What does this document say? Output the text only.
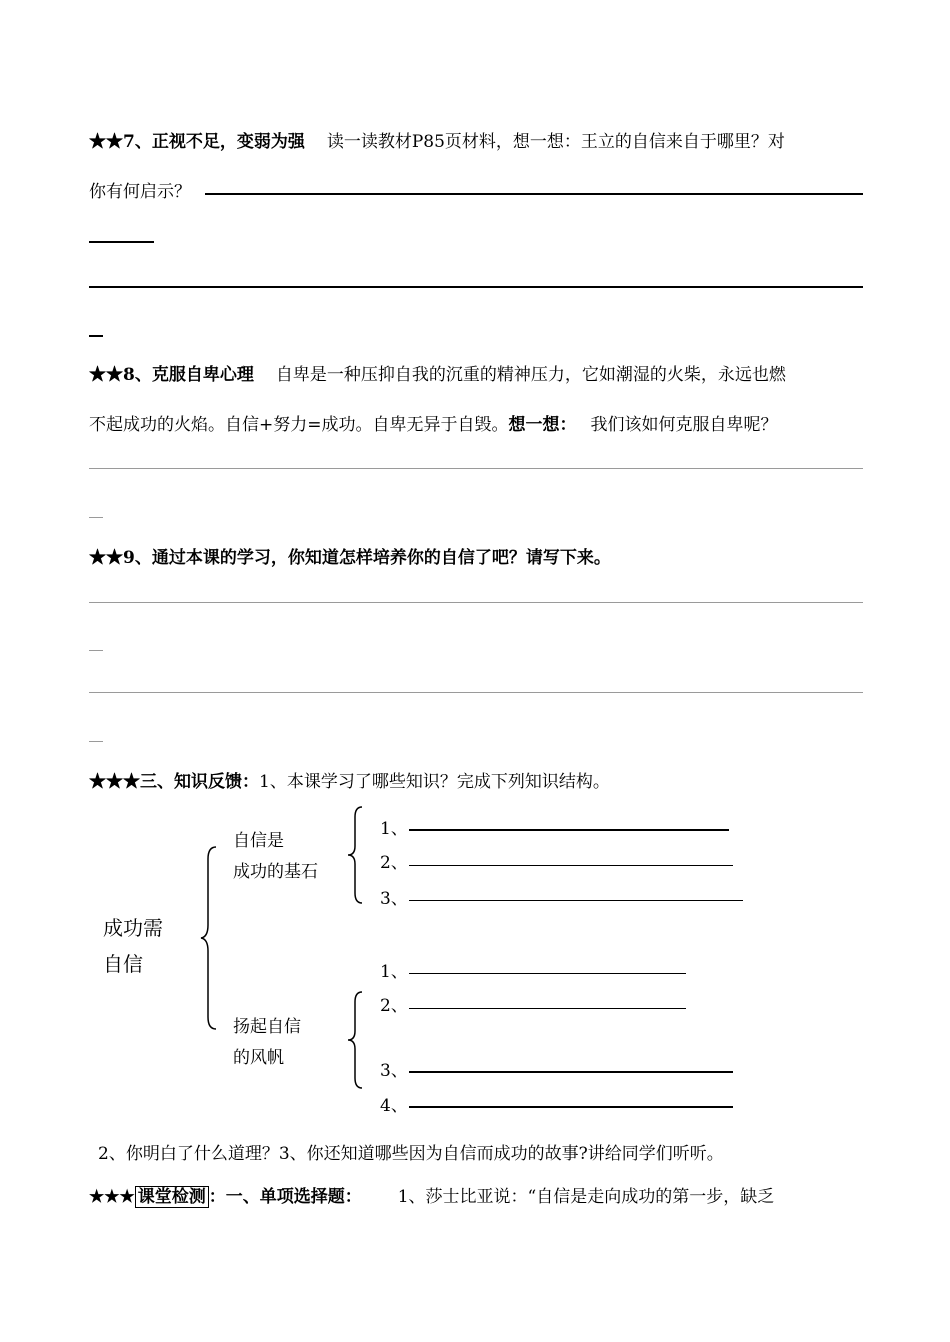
★★7、正视不足，变弱为强 读一读教材P85页材料，想一想：王立的自信来自于哪里？对
你有何启示？
★★8、克服自卑心理 自卑是一种压抑自我的沉重的精神压力，它如潮湿的火柴，永远也燃
不起成功的火焰。自信+努力=成功。自卑无异于自毁。想一想： 我们该如何克服自卑呢？
★★9、通过本课的学习，你知道怎样培养你的自信了吧？请写下来。
★★★三、知识反馈：1、本课学习了哪些知识？完成下列知识结构。
成功需
自信
自信是
成功的基石
1、
2、
3、
1、
2、
扬起自信
的风帆
3、
4、
2、你明白了什么道理？3、你还知道哪些因为自信而成功的故事?讲给同学们听听。
★★★ 课堂检测 ：一、单项选择题： 1、莎士比亚说：“自信是走向成功的第一步，缺乏
